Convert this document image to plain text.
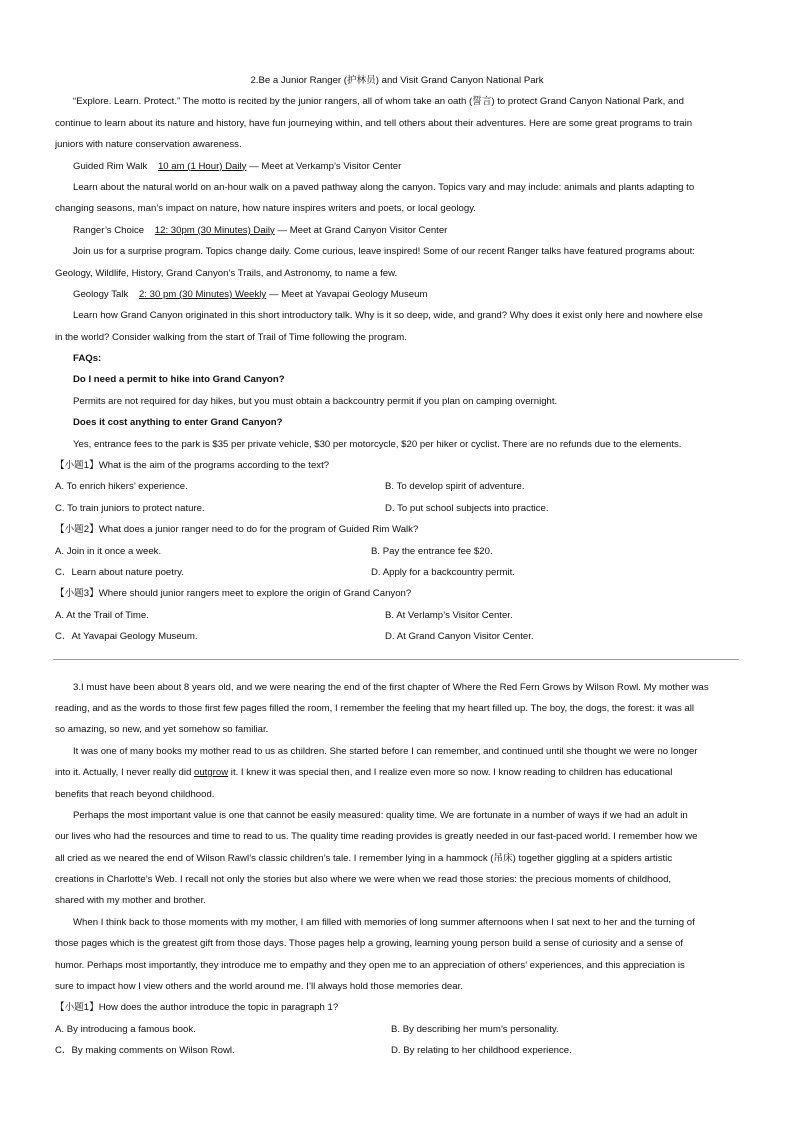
2.Be a Junior Ranger (护林员) and Visit Grand Canyon National Park
“Explore. Learn. Protect.” The motto is recited by the junior rangers, all of whom take an oath (誓言) to protect Grand Canyon National Park, and
continue to learn about its nature and history, have fun journeying within, and tell others about their adventures. Here are some great programs to train
juniors with nature conservation awareness.
Guided Rim Walk 10 am (1 Hour) Daily — Meet at Verkamp’s Visitor Center
Learn about the natural world on an-hour walk on a paved pathway along the canyon. Topics vary and may include: animals and plants adapting to
changing seasons, man’s impact on nature, how nature inspires writers and poets, or local geology.
Ranger’s Choice 12: 30pm (30 Minutes) Daily — Meet at Grand Canyon Visitor Center
Join us for a surprise program. Topics change daily. Come curious, leave inspired! Some of our recent Ranger talks have featured programs about:
Geology, Wildlife, History, Grand Canyon’s Trails, and Astronomy, to name a few.
Geology Talk 2: 30 pm (30 Minutes) Weekly — Meet at Yavapai Geology Museum
Learn how Grand Canyon originated in this short introductory talk. Why is it so deep, wide, and grand? Why does it exist only here and nowhere else
in the world? Consider walking from the start of Trail of Time following the program.
FAQs:
Do I need a permit to hike into Grand Canyon?
Permits are not required for day hikes, but you must obtain a backcountry permit if you plan on camping overnight.
Does it cost anything to enter Grand Canyon?
Yes, entrance fees to the park is $35 per private vehicle, $30 per motorcycle, $20 per hiker or cyclist. There are no refunds due to the elements.
【小题1】What is the aim of the programs according to the text?
A. To enrich hikers’ experience.	B. To develop spirit of adventure.
C. To train juniors to protect nature.	D. To put school subjects into practice.
【小题2】What does a junior ranger need to do for the program of Guided Rim Walk?
A. Join in it once a week.	B. Pay the entrance fee $20.
C．Learn about nature poetry.	D. Apply for a backcountry permit.
【小题3】Where should junior rangers meet to explore the origin of Grand Canyon?
A. At the Trail of Time.	B. At Verlamp’s Visitor Center.
C．At Yavapai Geology Museum.	D. At Grand Canyon Visitor Center.
3.I must have been about 8 years old, and we were nearing the end of the first chapter of Where the Red Fern Grows by Wilson Rowl. My mother was
reading, and as the words to those first few pages filled the room, I remember the feeling that my heart filled up. The boy, the dogs, the forest: it was all
so amazing, so new, and yet somehow so familiar.
It was one of many books my mother read to us as children. She started before I can remember, and continued until she thought we were no longer
into it. Actually, I never really did outgrow it. I knew it was special then, and I realize even more so now. I know reading to children has educational
benefits that reach beyond childhood.
Perhaps the most important value is one that cannot be easily measured: quality time. We are fortunate in a number of ways if we had an adult in
our lives who had the resources and time to read to us. The quality time reading provides is greatly needed in our fast-paced world. I remember how we
all cried as we neared the end of Wilson Rawl’s classic children’s tale. I remember lying in a hammock (吊床) together giggling at a spiders artistic
creations in Charlotte’s Web. I recall not only the stories but also where we were when we read those stories: the precious moments of childhood,
shared with my mother and brother.
When I think back to those moments with my mother, I am filled with memories of long summer afternoons when I sat next to her and the turning of
those pages which is the greatest gift from those days. Those pages help a growing, learning young person build a sense of curiosity and a sense of
humor. Perhaps most importantly, they introduce me to empathy and they open me to an appreciation of others’ experiences, and this appreciation is
sure to impact how I view others and the world around me. I’ll always hold those memories dear.
【小题1】How does the author introduce the topic in paragraph 1?
A. By introducing a famous book.	B. By describing her mum’s personality.
C．By making comments on Wilson Rowl.	D. By relating to her childhood experience.
